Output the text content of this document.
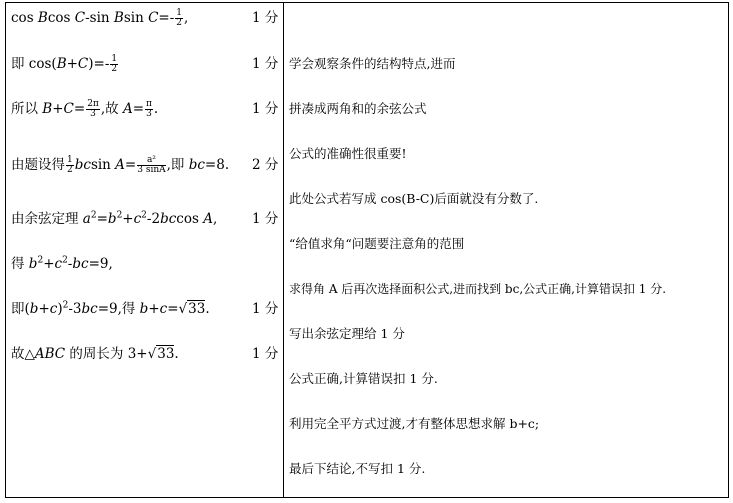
cos Bcos C-sin Bsin $C=- \frac{1}{2}$ ,	1 分
即 $\cos(B+C)=- \frac{1}{2}$	1 分
所以 $B+C= \frac{2\pi}{3}$ ,故 $A= \frac{\pi}{3}$ .	1 分
由题设得 $\frac{1}{2}$ bcsin $A= \frac{\text{a²}}{3 \sin A}$ ,即 bc=8. 2 分
由余弦定理 $a^2=b^2+c^2-2bccos$ A,	1 分
得 $b^2+c^2-bc=9$,
即$(b+c)^2-3bc=9$,得 b+c=√33.	1 分
故△ABC 的周长为 3+√33.	1 分
学会观察条件的结构特点,进而
拼凑成两角和的余弦公式
公式的准确性很重要!
此处公式若写成 cos(B-C)后面就没有分数了.
“给值求角“问题要注意角的范围
求得角 A 后再次选择面积公式,进而找到 bc,公式正确,计算错误扣 1 分.
写出余弦定理给 1 分
公式正确,计算错误扣 1 分.
利用完全平方式过渡,才有整体思想求解 b+c;
最后下结论,不写扣 1 分.
